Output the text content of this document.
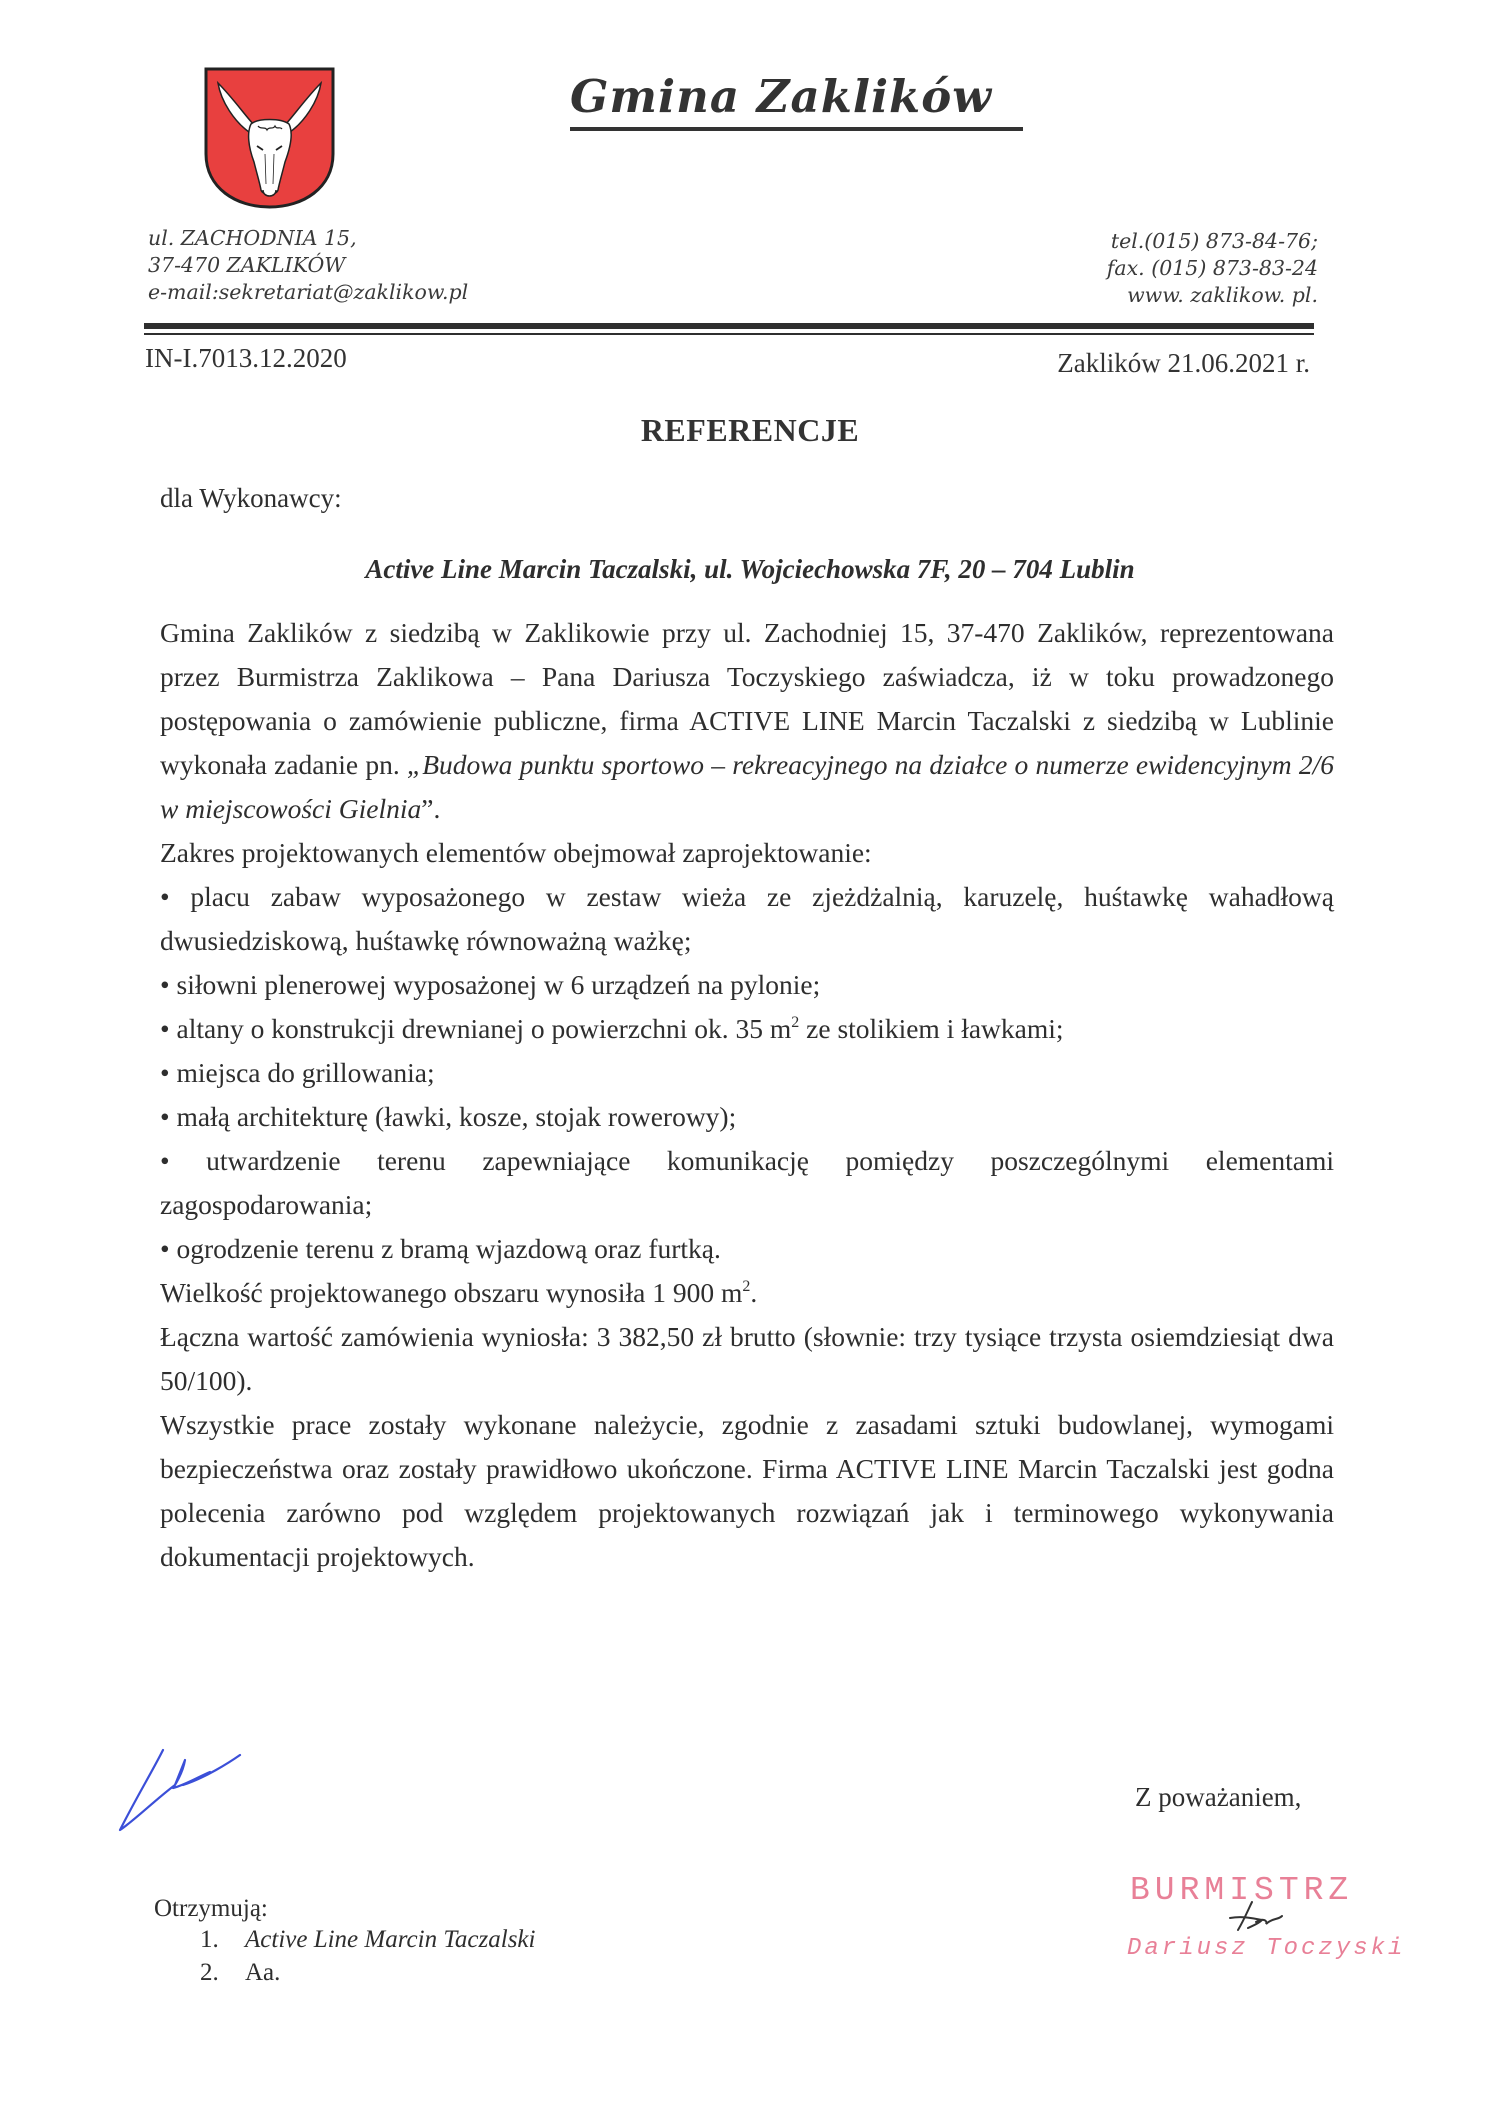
Gmina Zaklików
ul. ZACHODNIA 15,
37-470 ZAKLIKÓW
e-mail:sekretariat@zaklikow.pl
tel.(015) 873-84-76;
fax. (015) 873-83-24
www. zaklikow. pl.
IN-I.7013.12.2020	Zaklików 21.06.2021 r.
REFERENCJE
dla Wykonawcy:
Active Line Marcin Taczalski, ul. Wojciechowska 7F, 20 – 704 Lublin

Gmina Zaklików z siedzibą w Zaklikowie przy ul. Zachodniej 15, 37-470 Zaklików, reprezentowana przez Burmistrza Zaklikowa – Pana Dariusza Toczyskiego zaświadcza, iż w toku prowadzonego postępowania o zamówienie publiczne, firma ACTIVE LINE Marcin Taczalski z siedzibą w Lublinie wykonała zadanie pn. „Budowa punktu sportowo – rekreacyjnego na działce o numerze ewidencyjnym 2/6 w miejscowości Gielnia”.

Zakres projektowanych elementów obejmował zaprojektowanie:

• placu zabaw wyposażonego w zestaw wieża ze zjeżdżalnią, karuzelę, huśtawkę wahadłową dwusiedziskową, huśtawkę równoważną ważkę;

• siłowni plenerowej wyposażonej w 6 urządzeń na pylonie;

• altany o konstrukcji drewnianej o powierzchni ok. 35 $m^2$ ze stolikiem i ławkami;

• miejsca do grillowania;

• małą architekturę (ławki, kosze, stojak rowerowy);

• utwardzenie terenu zapewniające komunikację pomiędzy poszczególnymi elementami zagospodarowania;

• ogrodzenie terenu z bramą wjazdową oraz furtką.

Wielkość projektowanego obszaru wynosiła 1 900 $m^2$.

Łączna wartość zamówienia wyniosła: 3 382,50 zł brutto (słownie: trzy tysiące trzysta osiemdziesiąt dwa 50/100).

Wszystkie prace zostały wykonane należycie, zgodnie z zasadami sztuki budowlanej, wymogami bezpieczeństwa oraz zostały prawidłowo ukończone. Firma ACTIVE LINE Marcin Taczalski jest godna polecenia zarówno pod względem projektowanych rozwiązań jak i terminowego wykonywania dokumentacji projektowych.

Z poważaniem,
BURMISTRZ
Dariusz Toczyski
Otrzymują:
1.	Active Line Marcin Taczalski
2.	Aa.
